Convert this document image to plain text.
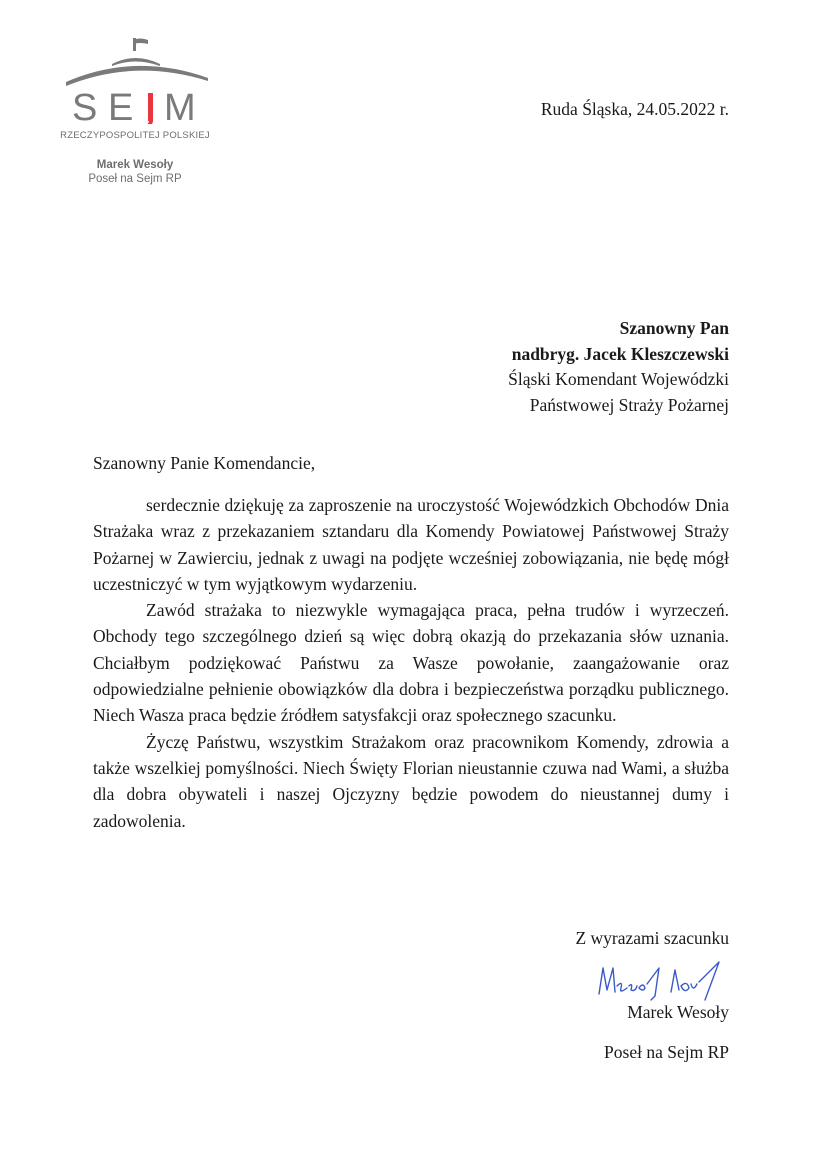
S E M
RZECZYPOSPOLITEJ POLSKIEJ
Marek Wesoły
Poseł na Sejm RP
Ruda Śląska, 24.05.2022 r.
Szanowny Pan
nadbryg. Jacek Kleszczewski
Śląski Komendant Wojewódzki
Państwowej Straży Pożarnej
Szanowny Panie Komendancie,

serdecznie dziękuję za zaproszenie na uroczystość Wojewódzkich Obchodów Dnia Strażaka wraz z przekazaniem sztandaru dla Komendy Powiatowej Państwowej Straży Pożarnej w Zawierciu, jednak z uwagi na podjęte wcześniej zobowiązania, nie będę mógł uczestniczyć w tym wyjątkowym wydarzeniu.

Zawód strażaka to niezwykle wymagająca praca, pełna trudów i wyrzeczeń. Obchody tego szczególnego dzień są więc dobrą okazją do przekazania słów uznania. Chciałbym podziękować Państwu za Wasze powołanie, zaangażowanie oraz odpowiedzialne pełnienie obowiązków dla dobra i bezpieczeństwa porządku publicznego. Niech Wasza praca będzie źródłem satysfakcji oraz społecznego szacunku.

Życzę Państwu, wszystkim Strażakom oraz pracownikom Komendy, zdrowia a także wszelkiej pomyślności. Niech Święty Florian nieustannie czuwa nad Wami, a służba dla dobra obywateli i naszej Ojczyzny będzie powodem do nieustannej dumy i zadowolenia.

Z wyrazami szacunku
Marek Wesoły
Poseł na Sejm RP
